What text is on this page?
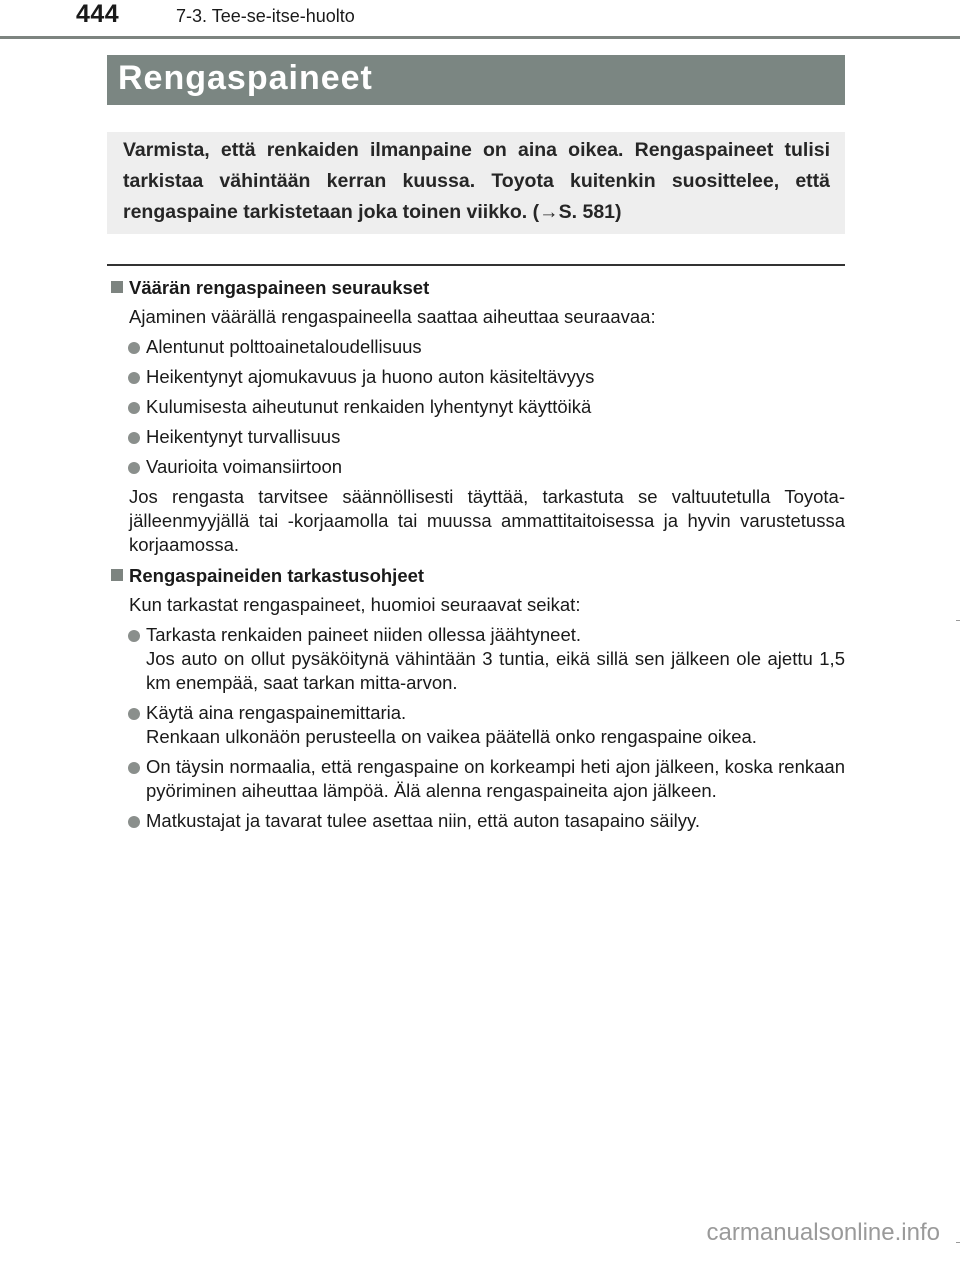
444	7-3. Tee-se-itse-huolto
Rengaspaineet

Varmista, että renkaiden ilmanpaine on aina oikea. Rengaspaineet tulisi tarkistaa vähintään kerran kuussa. Toyota kuitenkin suosittelee, että rengaspaine tarkistetaan joka toinen viikko. (→S. 581)

Väärän rengaspaineen seuraukset

Ajaminen väärällä rengaspaineella saattaa aiheuttaa seuraavaa:

Alentunut polttoainetaloudellisuus
Heikentynyt ajomukavuus ja huono auton käsiteltävyys
Kulumisesta aiheutunut renkaiden lyhentynyt käyttöikä
Heikentynyt turvallisuus
Vaurioita voimansiirtoon

Jos rengasta tarvitsee säännöllisesti täyttää, tarkastuta se valtuutetulla Toyota-jälleenmyyjällä tai -korjaamolla tai muussa ammattitaitoisessa ja hyvin varustetussa korjaamossa.

Rengaspaineiden tarkastusohjeet

Kun tarkastat rengaspaineet, huomioi seuraavat seikat:

Tarkasta renkaiden paineet niiden ollessa jäähtyneet.
Jos auto on ollut pysäköitynä vähintään 3 tuntia, eikä sillä sen jälkeen ole ajettu 1,5 km enempää, saat tarkan mitta-arvon.
Käytä aina rengaspainemittaria.
Renkaan ulkonäön perusteella on vaikea päätellä onko rengaspaine oikea.
On täysin normaalia, että rengaspaine on korkeampi heti ajon jälkeen, koska renkaan pyöriminen aiheuttaa lämpöä. Älä alenna rengaspaineita ajon jälkeen.
Matkustajat ja tavarat tulee asettaa niin, että auton tasapaino säilyy.
carmanualsonline.info
